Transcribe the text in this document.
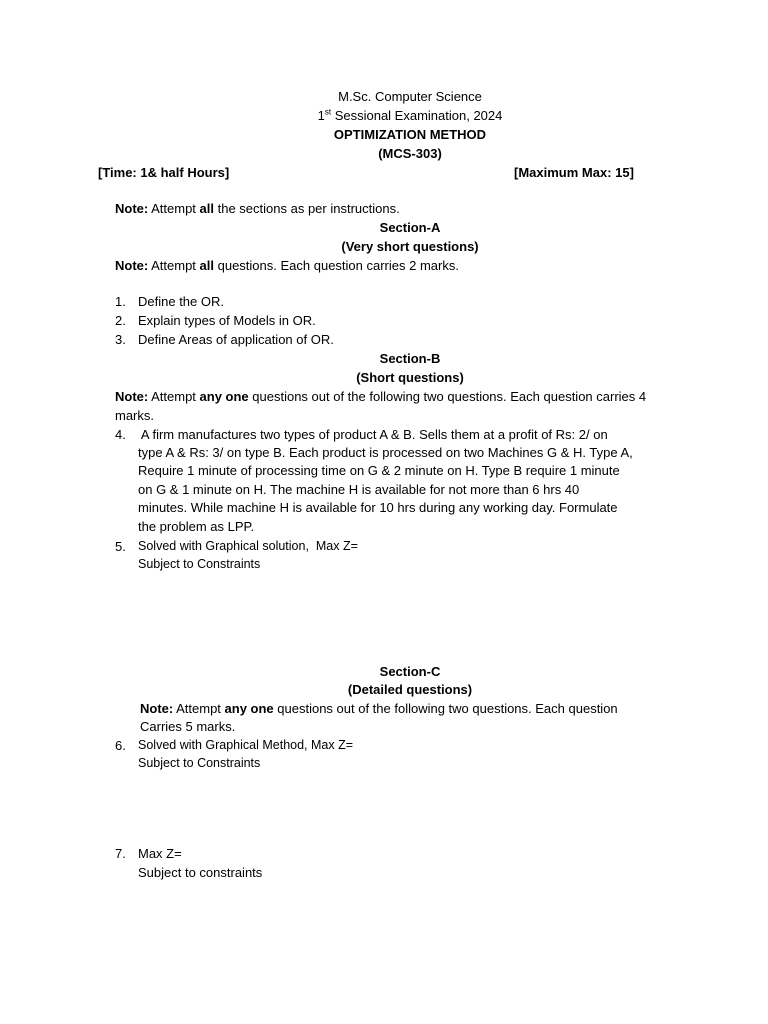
M.Sc. Computer Science
1st Sessional Examination, 2024
OPTIMIZATION METHOD
(MCS-303)
[Time: 1& half Hours]	[Maximum Max: 15]
Note: Attempt all the sections as per instructions.
Section-A
(Very short questions)
Note: Attempt all questions. Each question carries 2 marks.
1. Define the OR.
2. Explain types of Models in OR.
3. Define Areas of application of OR.
Section-B
(Short questions)
Note: Attempt any one questions out of the following two questions. Each question carries 4 marks.
4. A firm manufactures two types of product A & B. Sells them at a profit of Rs: 2/ on
type A & Rs: 3/ on type B. Each product is processed on two Machines G & H. Type A,
Require 1 minute of processing time on G & 2 minute on H. Type B require 1 minute
on G & 1 minute on H. The machine H is available for not more than 6 hrs 40
minutes. While machine H is available for 10 hrs during any working day. Formulate
the problem as LPP.
5. Solved with Graphical solution,  Max Z=
Subject to Constraints
Section-C
(Detailed questions)
Note: Attempt any one questions out of the following two questions. Each question
Carries 5 marks.
6. Solved with Graphical Method, Max Z=
Subject to Constraints
7. Max Z=
Subject to constraints
